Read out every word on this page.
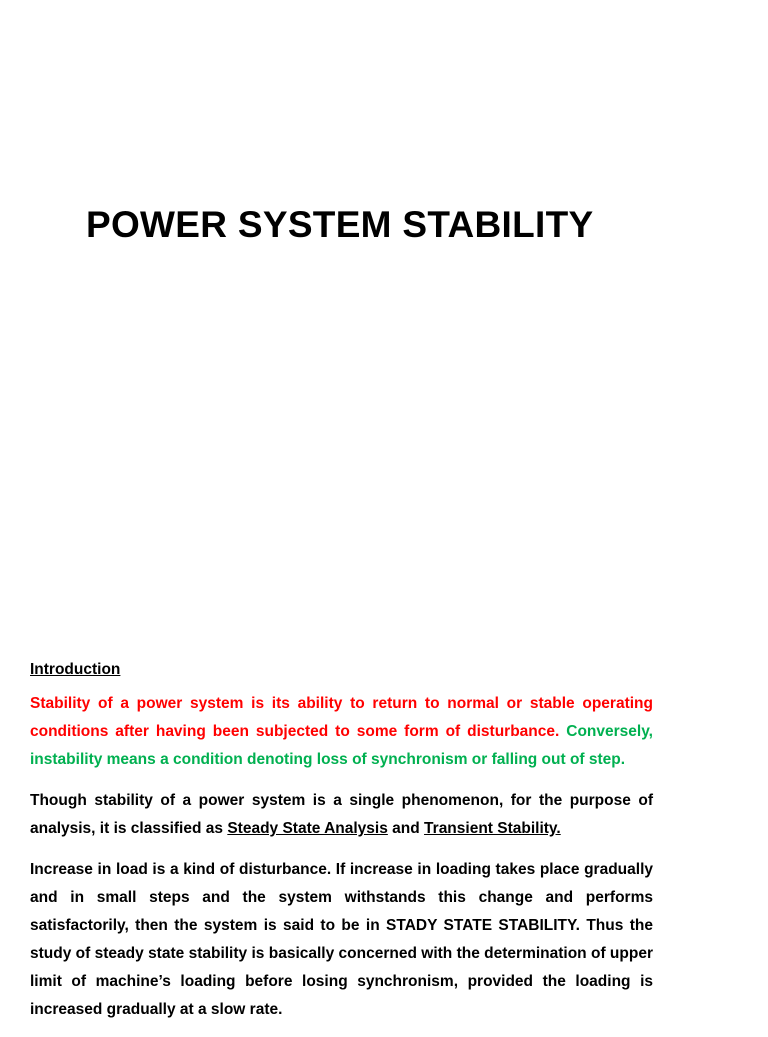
POWER SYSTEM STABILITY
Introduction

Stability of a power system is its ability to return to normal or stable operating conditions after having been subjected to some form of disturbance. Conversely, instability means a condition denoting loss of synchronism or falling out of step.

Though stability of a power system is a single phenomenon, for the purpose of analysis, it is classified as Steady State Analysis and Transient Stability.

Increase in load is a kind of disturbance. If increase in loading takes place gradually and in small steps and the system withstands this change and performs satisfactorily, then the system is said to be in STADY STATE STABILITY. Thus the study of steady state stability is basically concerned with the determination of upper limit of machine’s loading before losing synchronism, provided the loading is increased gradually at a slow rate.
